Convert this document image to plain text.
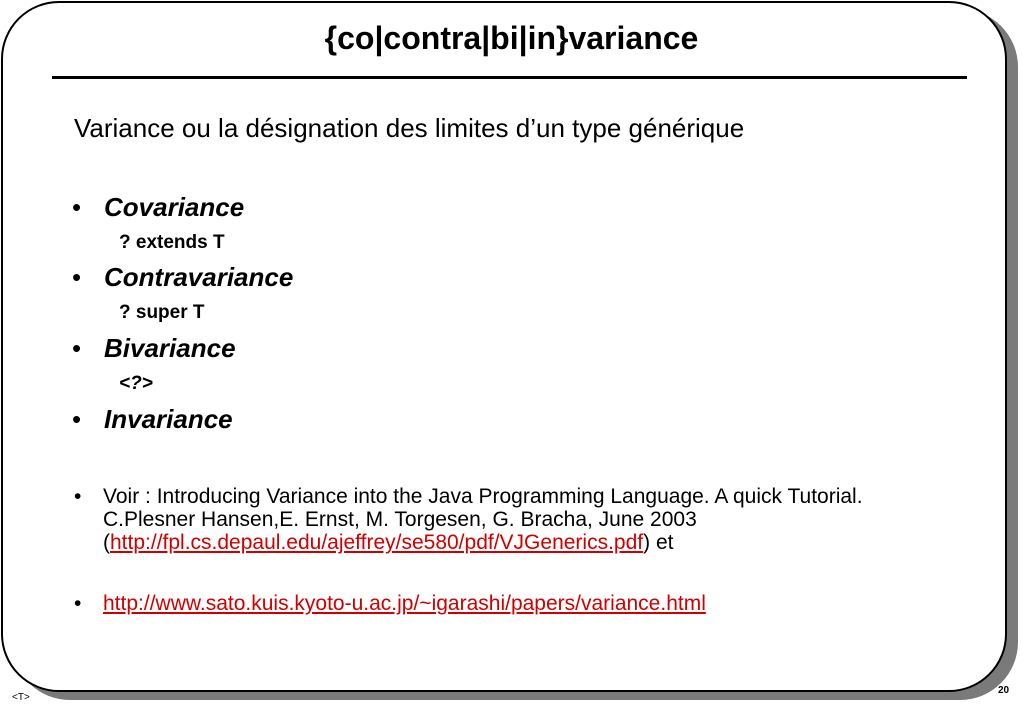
{co|contra|bi|in}variance

Variance ou la désignation des limites d’un type générique

• Covariance
? extends T
• Contravariance
? super T
• Bivariance
<?>
• Invariance
• Voir : Introducing Variance into the Java Programming Language. A quick Tutorial. C.Plesner Hansen,E. Ernst, M. Torgesen, G. Bracha, June 2003 (http://fpl.cs.depaul.edu/ajeffrey/se580/pdf/VJGenerics.pdf) et
• http://www.sato.kuis.kyoto-u.ac.jp/~igarashi/papers/variance.html
<T>
20
